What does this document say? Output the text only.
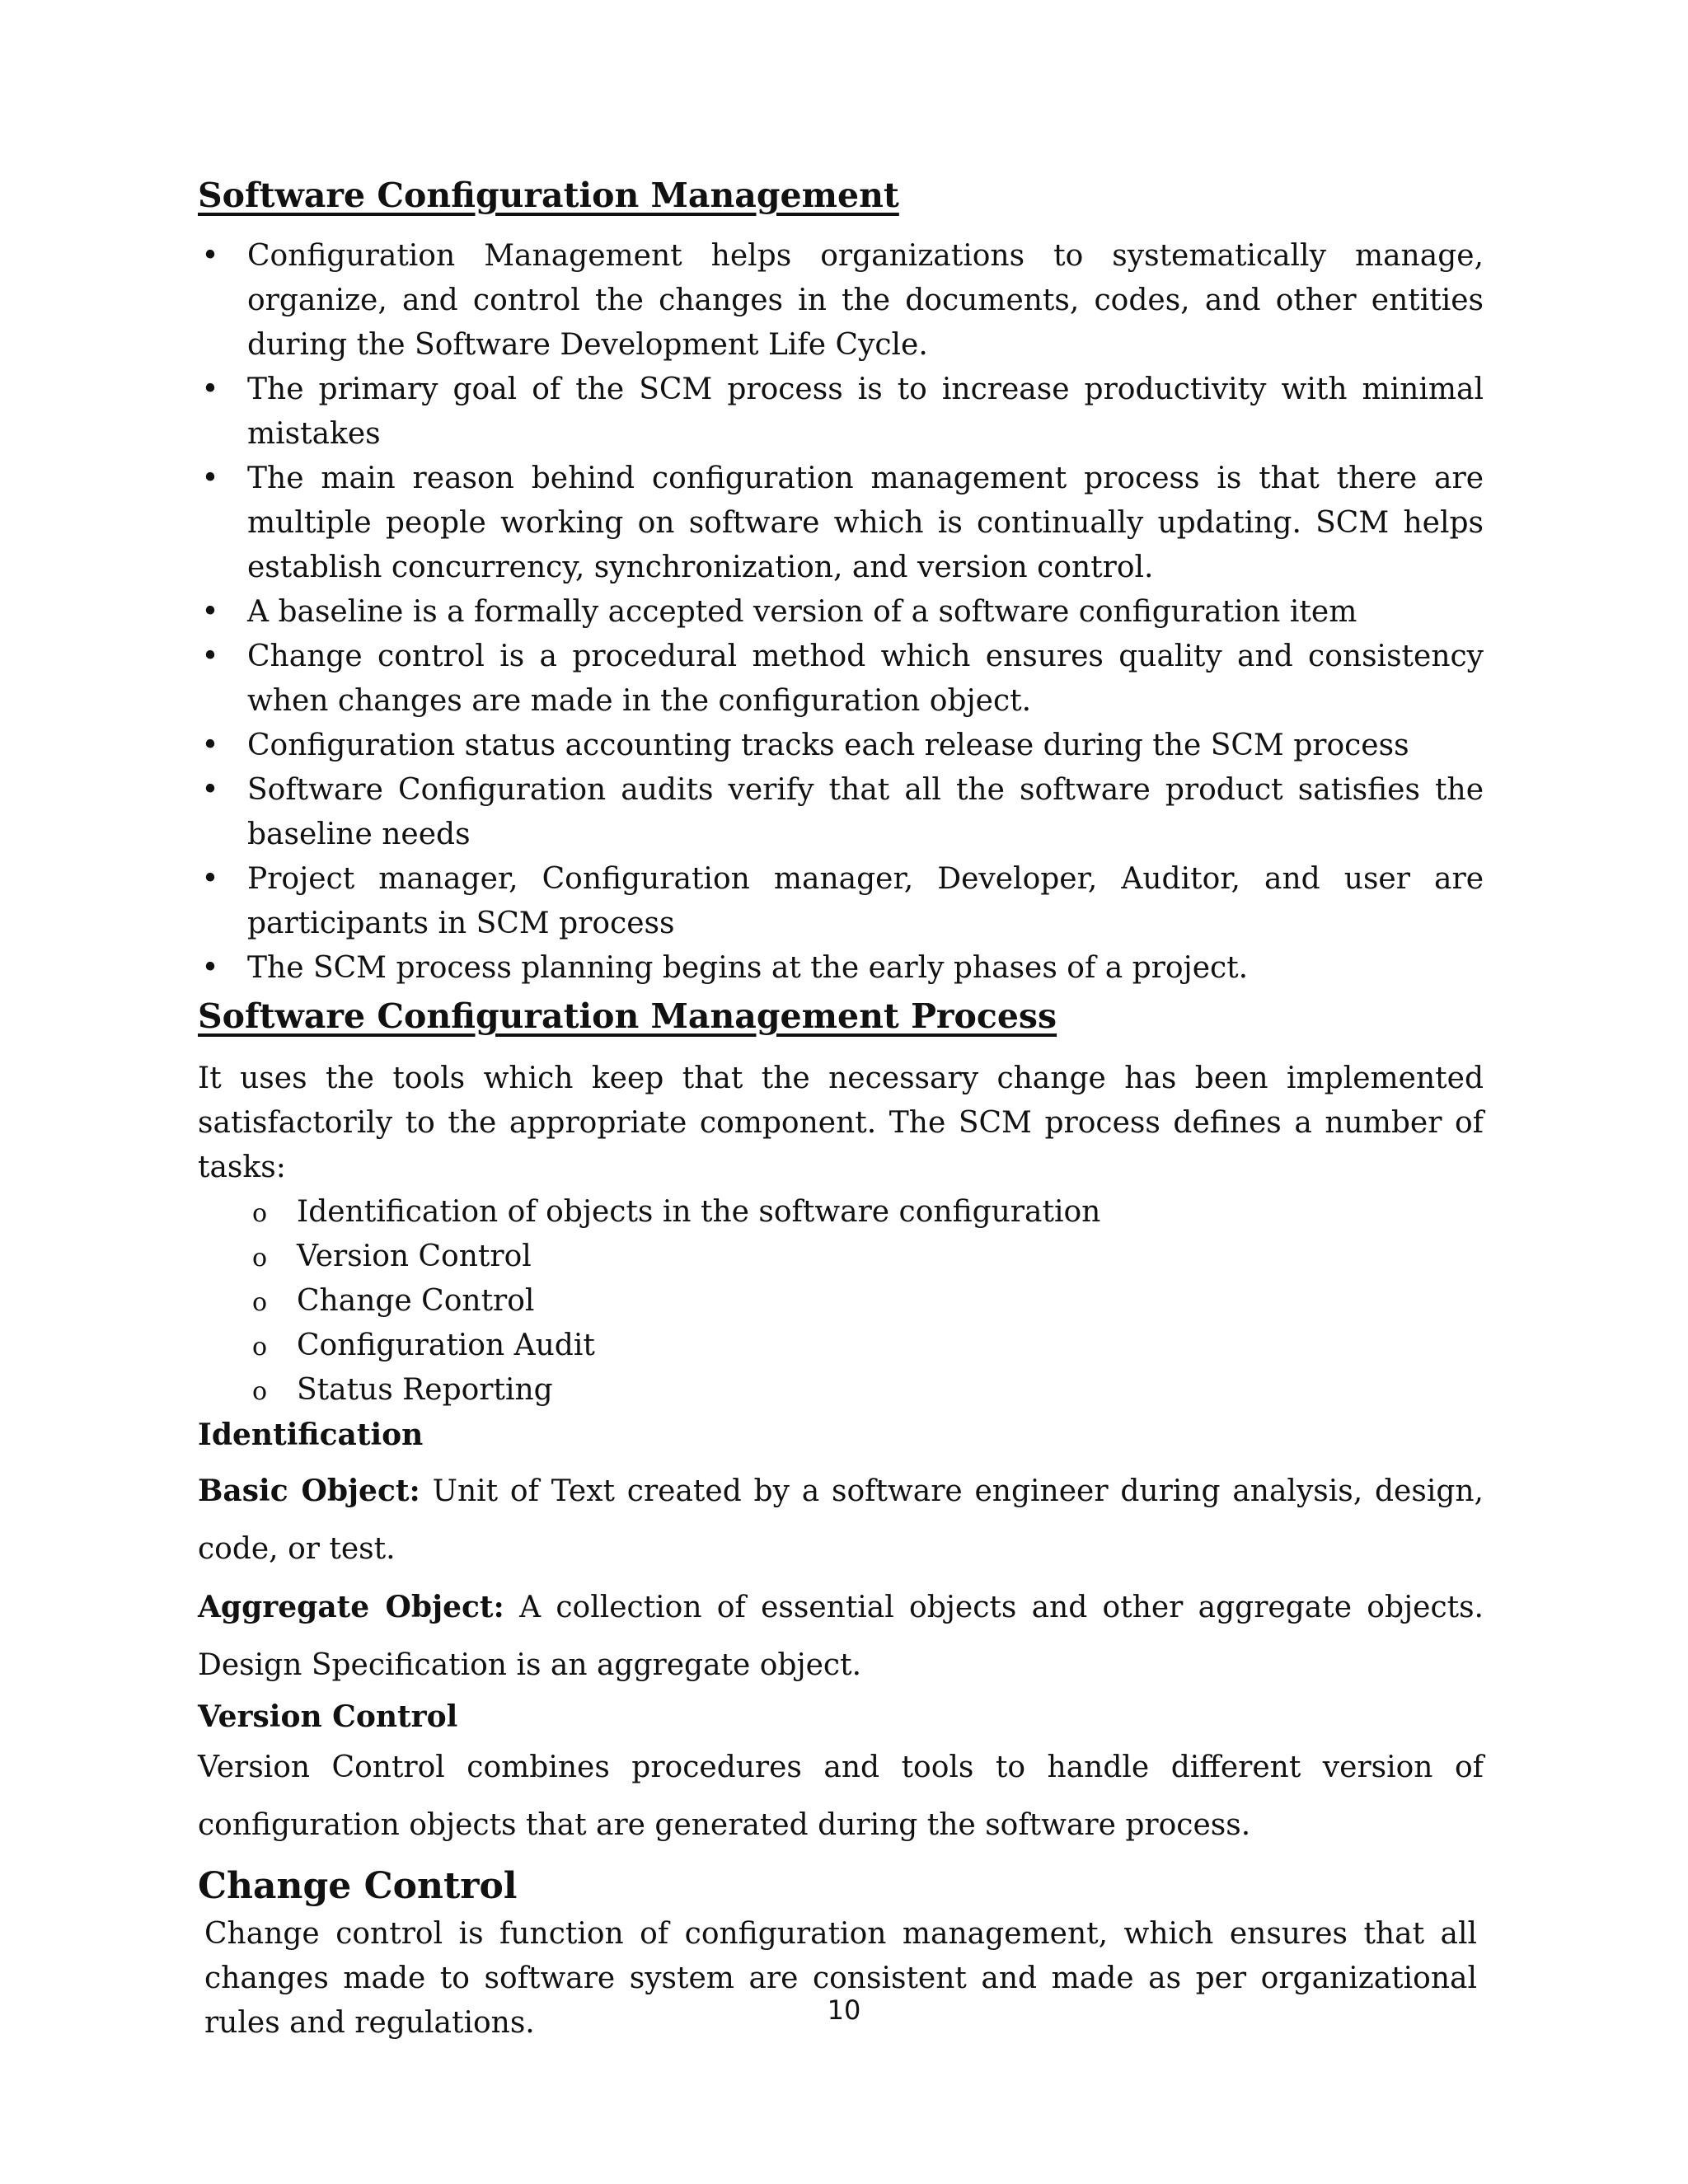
Software Configuration Management
• Configuration Management helps organizations to systematically manage, organize, and control the changes in the documents, codes, and other entities during the Software Development Life Cycle.
• The primary goal of the SCM process is to increase productivity with minimal mistakes
• The main reason behind configuration management process is that there are multiple people working on software which is continually updating. SCM helps establish concurrency, synchronization, and version control.
• A baseline is a formally accepted version of a software configuration item
• Change control is a procedural method which ensures quality and consistency when changes are made in the configuration object.
• Configuration status accounting tracks each release during the SCM process
• Software Configuration audits verify that all the software product satisfies the baseline needs
• Project manager, Configuration manager, Developer, Auditor, and user are participants in SCM process
• The SCM process planning begins at the early phases of a project.
Software Configuration Management Process

It uses the tools which keep that the necessary change has been implemented satisfactorily to the appropriate component. The SCM process defines a number of tasks:

o Identification of objects in the software configuration
o Version Control
o Change Control
o Configuration Audit
o Status Reporting
Identification

Basic Object: Unit of Text created by a software engineer during analysis, design, code, or test.

Aggregate Object: A collection of essential objects and other aggregate objects. Design Specification is an aggregate object.

Version Control

Version Control combines procedures and tools to handle different version of configuration objects that are generated during the software process.

Change Control

Change control is function of configuration management, which ensures that all changes made to software system are consistent and made as per organizational rules and regulations.	10
